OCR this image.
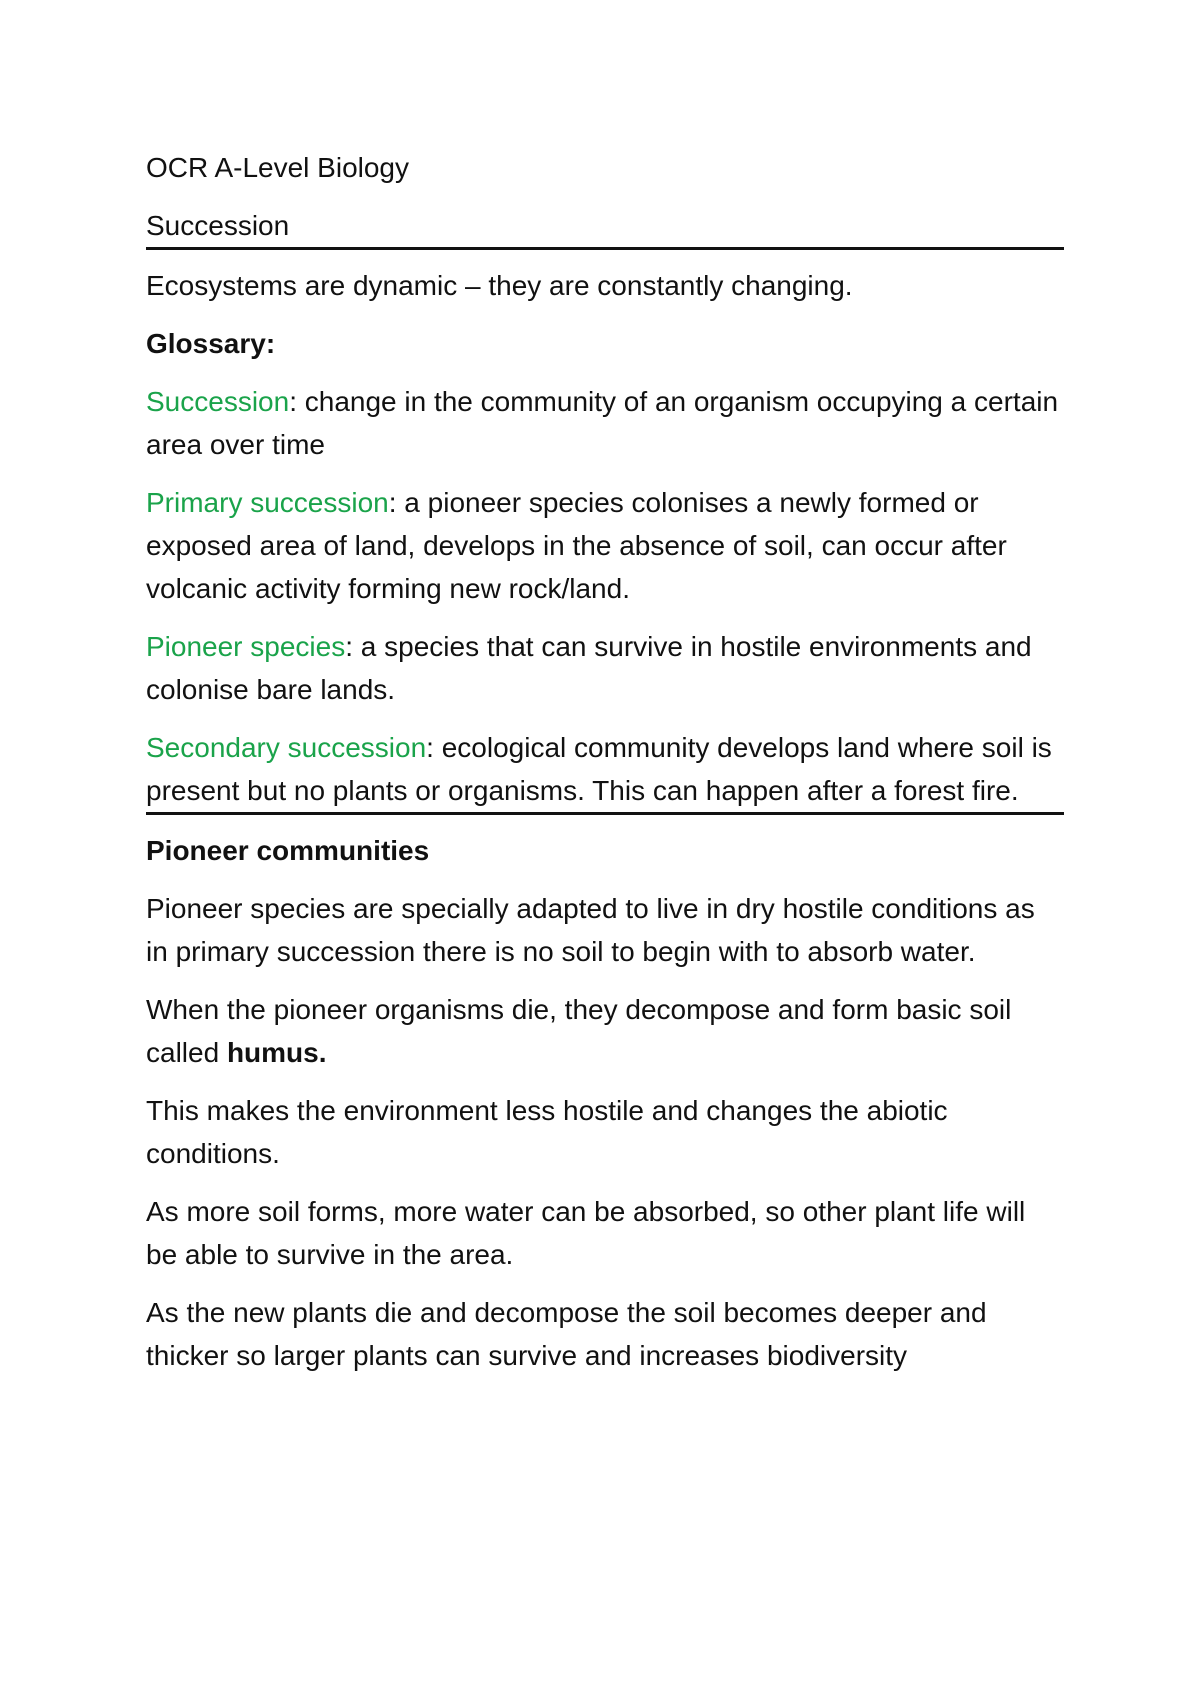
OCR A-Level Biology

Succession

Ecosystems are dynamic – they are constantly changing.

Glossary:

Succession: change in the community of an organism occupying a certain area over time

Primary succession: a pioneer species colonises a newly formed or exposed area of land, develops in the absence of soil, can occur after volcanic activity forming new rock/land.

Pioneer species: a species that can survive in hostile environments and colonise bare lands.

Secondary succession: ecological community develops land where soil is present but no plants or organisms. This can happen after a forest fire.

Pioneer communities

Pioneer species are specially adapted to live in dry hostile conditions as in primary succession there is no soil to begin with to absorb water.

When the pioneer organisms die, they decompose and form basic soil called humus.

This makes the environment less hostile and changes the abiotic conditions.

As more soil forms, more water can be absorbed, so other plant life will be able to survive in the area.

As the new plants die and decompose the soil becomes deeper and thicker so larger plants can survive and increases biodiversity
